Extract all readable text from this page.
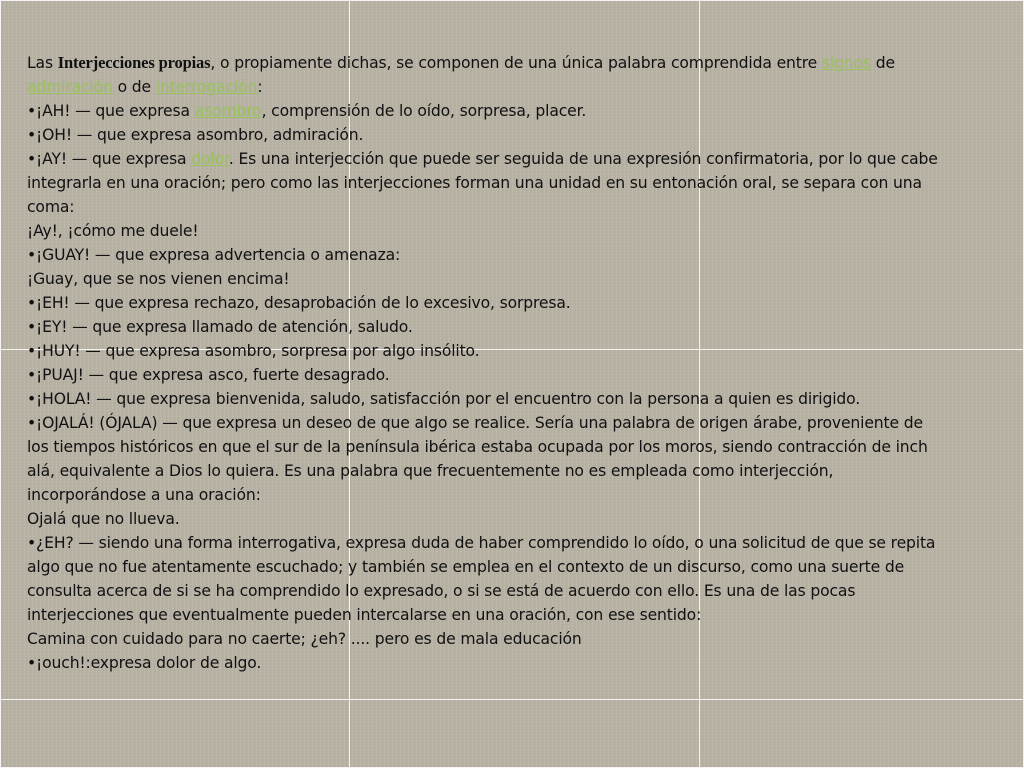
Las Interjecciones propias, o propiamente dichas, se componen de una única palabra comprendida entre signos de

admiración o de interrogación:

•¡AH! — que expresa asombro, comprensión de lo oído, sorpresa, placer.

•¡OH! — que expresa asombro, admiración.

•¡AY! — que expresa dolor. Es una interjección que puede ser seguida de una expresión confirmatoria, por lo que cabe

integrarla en una oración; pero como las interjecciones forman una unidad en su entonación oral, se separa con una

coma:

¡Ay!, ¡cómo me duele!

•¡GUAY! — que expresa advertencia o amenaza:

¡Guay, que se nos vienen encima!

•¡EH! — que expresa rechazo, desaprobación de lo excesivo, sorpresa.

•¡EY! — que expresa llamado de atención, saludo.

•¡HUY! — que expresa asombro, sorpresa por algo insólito.

•¡PUAJ! — que expresa asco, fuerte desagrado.

•¡HOLA! — que expresa bienvenida, saludo, satisfacción por el encuentro con la persona a quien es dirigido.

•¡OJALÁ! (ÓJALA) — que expresa un deseo de que algo se realice. Sería una palabra de origen árabe, proveniente de

los tiempos históricos en que el sur de la península ibérica estaba ocupada por los moros, siendo contracción de inch

alá, equivalente a Dios lo quiera. Es una palabra que frecuentemente no es empleada como interjección,

incorporándose a una oración:

Ojalá que no llueva.

•¿EH? — siendo una forma interrogativa, expresa duda de haber comprendido lo oído, o una solicitud de que se repita

algo que no fue atentamente escuchado; y también se emplea en el contexto de un discurso, como una suerte de

consulta acerca de si se ha comprendido lo expresado, o si se está de acuerdo con ello. Es una de las pocas

interjecciones que eventualmente pueden intercalarse en una oración, con ese sentido:

Camina con cuidado para no caerte; ¿eh? .... pero es de mala educación

•¡ouch!:expresa dolor de algo.
